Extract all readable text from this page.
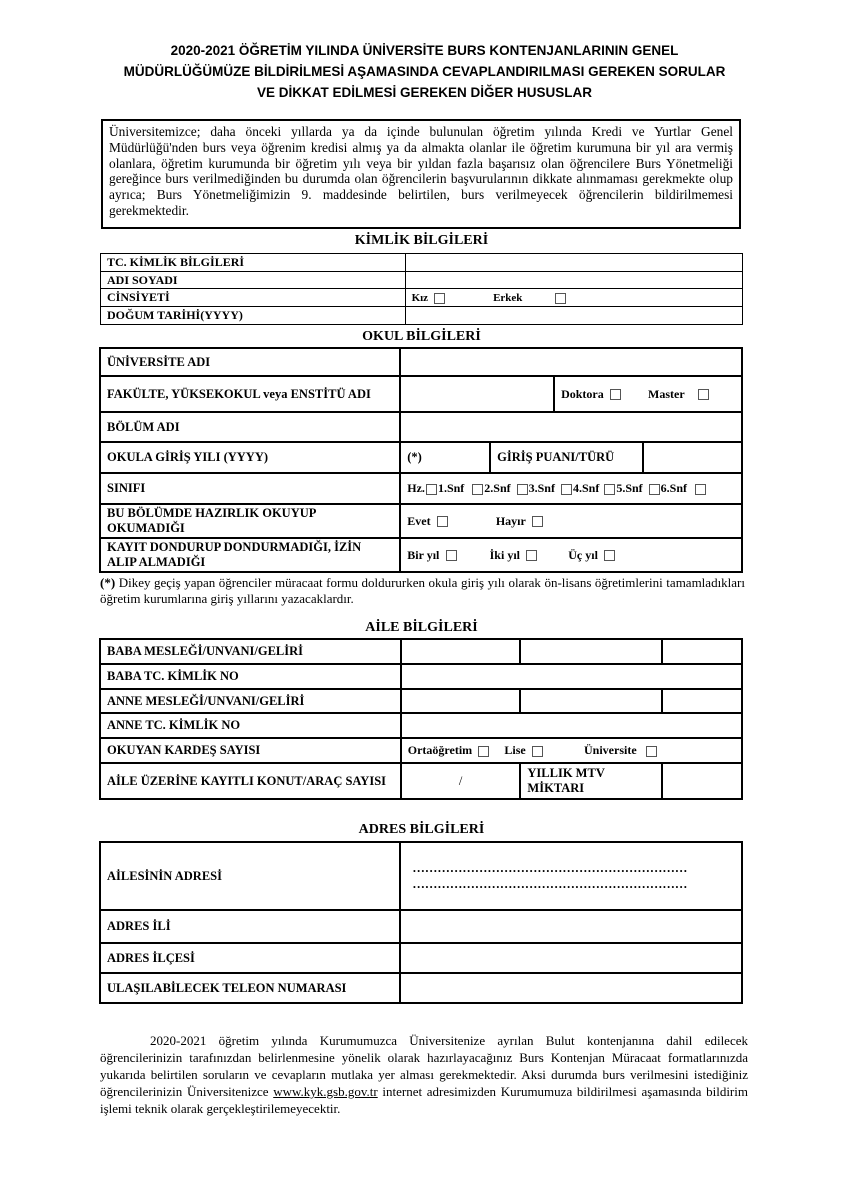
2020-2021 ÖĞRETİM YILINDA ÜNİVERSİTE BURS KONTENJANLARININ GENEL
MÜDÜRLÜĞÜMÜZE BİLDİRİLMESİ AŞAMASINDA CEVAPLANDIRILMASI GEREKEN SORULAR
VE DİKKAT EDİLMESİ GEREKEN DİĞER HUSUSLAR
Üniversitemizce; daha önceki yıllarda ya da içinde bulunulan öğretim yılında Kredi ve Yurtlar Genel Müdürlüğü'nden burs veya öğrenim kredisi almış ya da almakta olanlar ile öğretim kurumuna bir yıl ara vermiş olanlara, öğretim kurumunda bir öğretim yılı veya bir yıldan fazla başarısız olan öğrencilere Burs Yönetmeliği gereğince burs verilmediğinden bu durumda olan öğrencilerin başvurularının dikkate alınmaması gerekmekte olup ayrıca; Burs Yönetmeliğimizin 9. maddesinde belirtilen, burs verilmeyecek öğrencilerin bildirilmemesi gerekmektedir.
KİMLİK BİLGİLERİ
TC. KİMLİK BİLGİLERİ	

ADI SOYADI	
CİNSİYETİ	Kız Erkek
DOĞUM TARİHİ(YYYY)	
OKUL BİLGİLERİ
ÜNİVERSİTE ADI			
FAKÜLTE, YÜKSEKOKUL veya ENSTİTÜ ADI			Doktora Master
BÖLÜM ADI			
OKULA GİRİŞ YILI (YYYY)	(*)	GİRİŞ PUANI/TÜRÜ	

SINIFI	Hz. 1.Snf 2.Snf 3.Snf 4.Snf 5.Snf 6.Snf		
BU BÖLÜMDE HAZIRLIK OKUYUP OKUMADIĞI	Evet Hayır		
KAYIT DONDURUP DONDURMADIĞI, İZİN ALIP ALMADIĞI	Bir yıl İki yıl Üç yıl		
(*) Dikey geçiş yapan öğrenciler müracaat formu doldururken okula giriş yılı olarak ön-lisans öğretimlerini tamamladıkları öğretim kurumlarına giriş yıllarını yazacaklardır.
AİLE BİLGİLERİ
BABA MESLEĞİ/UNVANI/GELİRİ			
BABA TC. KİMLİK NO			
ANNE MESLEĞİ/UNVANI/GELİRİ			
ANNE TC. KİMLİK NO			
OKUYAN KARDEŞ SAYISI	Ortaöğretim Lise Üniversite		
AİLE ÜZERİNE KAYITLI KONUT/ARAÇ SAYISI	/	YILLIK MTV MİKTARI	
ADRES BİLGİLERİ
AİLESİNİN ADRESİ	…………………………………………………………
…………………………………………………………

ADRES İLİ	
ADRES İLÇESİ	
ULAŞILABİLECEK TELEON NUMARASI	
2020-2021 öğretim yılında Kurumumuzca Üniversitenize ayrılan Bulut kontenjanına dahil edilecek öğrencilerinizin tarafınızdan belirlenmesine yönelik olarak hazırlayacağınız Burs Kontenjan Müracaat formatlarınızda yukarıda belirtilen soruların ve cevapların mutlaka yer alması gerekmektedir. Aksi durumda burs verilmesini istediğiniz öğrencilerinizin Üniversitenizce www.kyk.gsb.gov.tr internet adresimizden Kurumumuza bildirilmesi aşamasında bildirim işlemi teknik olarak gerçekleştirilemeyecektir.
